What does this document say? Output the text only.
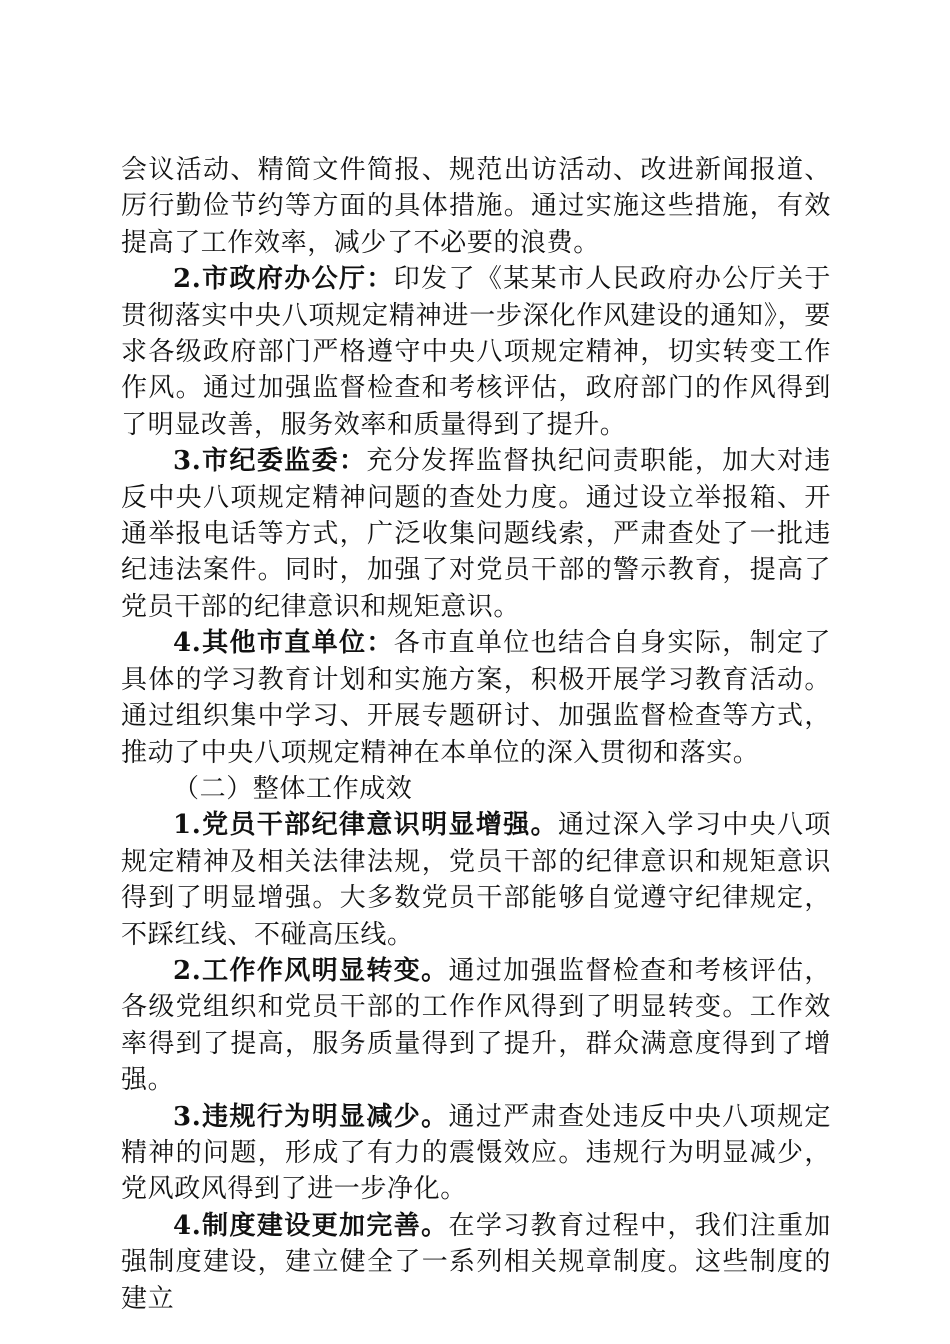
会议活动、精简文件简报、规范出访活动、改进新闻报道、厉行勤俭节约等方面的具体措施。通过实施这些措施，有效提高了工作效率，减少了不必要的浪费。

2.市政府办公厅：印发了《某某市人民政府办公厅关于贯彻落实中央八项规定精神进一步深化作风建设的通知》，要求各级政府部门严格遵守中央八项规定精神，切实转变工作作风。通过加强监督检查和考核评估，政府部门的作风得到了明显改善，服务效率和质量得到了提升。

3.市纪委监委：充分发挥监督执纪问责职能，加大对违反中央八项规定精神问题的查处力度。通过设立举报箱、开通举报电话等方式，广泛收集问题线索，严肃查处了一批违纪违法案件。同时，加强了对党员干部的警示教育，提高了党员干部的纪律意识和规矩意识。

4.其他市直单位：各市直单位也结合自身实际，制定了具体的学习教育计划和实施方案，积极开展学习教育活动。通过组织集中学习、开展专题研讨、加强监督检查等方式，推动了中央八项规定精神在本单位的深入贯彻和落实。

（二）整体工作成效

1.党员干部纪律意识明显增强。通过深入学习中央八项规定精神及相关法律法规，党员干部的纪律意识和规矩意识得到了明显增强。大多数党员干部能够自觉遵守纪律规定，不踩红线、不碰高压线。

2.工作作风明显转变。通过加强监督检查和考核评估，各级党组织和党员干部的工作作风得到了明显转变。工作效率得到了提高，服务质量得到了提升，群众满意度得到了增强。

3.违规行为明显减少。通过严肃查处违反中央八项规定精神的问题，形成了有力的震慑效应。违规行为明显减少，党风政风得到了进一步净化。

4.制度建设更加完善。在学习教育过程中，我们注重加强制度建设，建立健全了一系列相关规章制度。这些制度的建立
